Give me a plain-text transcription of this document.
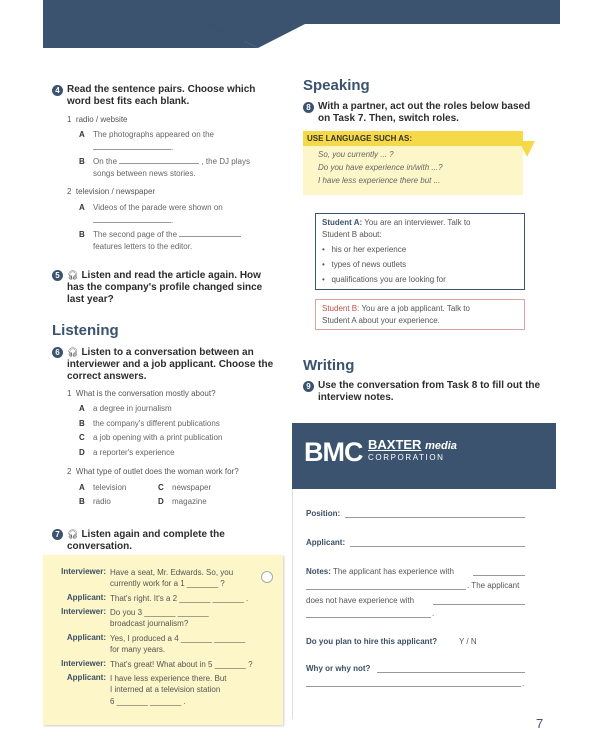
4 Read the sentence pairs. Choose which word best fits each blank.
1 radio / website
A The photographs appeared on the
.
B On the	, the DJ plays
songs between news stories.
2 television / newspaper
A Videos of the parade were shown on
.
B The second page of the
features letters to the editor.
5 🎧︎ Listen and read the article again. How has the company's profile changed since last year?
Listening
6 🎧︎ Listen to a conversation between an interviewer and a job applicant. Choose the correct answers.
1 What is the conversation mostly about?
A a degree in journalism
B the company's different publications
C a job opening with a print publication
D a reporter's experience
2 What type of outlet does the woman work for?
A television
B radio
C newspaper
D magazine
7 🎧︎ Listen again and complete the conversation.
Interviewer: Have a seat, Mr. Edwards. So, you
currently work for a 1 _______ ?
Applicant: That's right. It's a 2 _______ _______ .
Interviewer: Do you 3 _______ _______
broadcast journalism?
Applicant: Yes, I produced a 4 _______ _______
for many years.
Interviewer: That's great! What about in 5 _______ ?
Applicant: I have less experience there. But
I interned at a television station
6 _______ _______ .
Speaking
8 With a partner, act out the roles below based on Task 7. Then, switch roles.
USE LANGUAGE SUCH AS:
So, you currently ... ?
Do you have experience in/with ...?
I have less experience there but ...
Student A: You are an interviewer. Talk to
Student B about:
•   his or her experience
•   types of news outlets
•   qualifications you are looking for
Student B: You are a job applicant. Talk to
Student A about your experience.
Writing
9 Use the conversation from Task 8 to fill out the interview notes.
BMC BAXTER media
CORPORATION
Position:
Applicant:
Notes: The applicant has experience with
. The applicant
does not have experience with
.
Do you plan to hire this applicant?	Y / N
Why or why not?
.
7
